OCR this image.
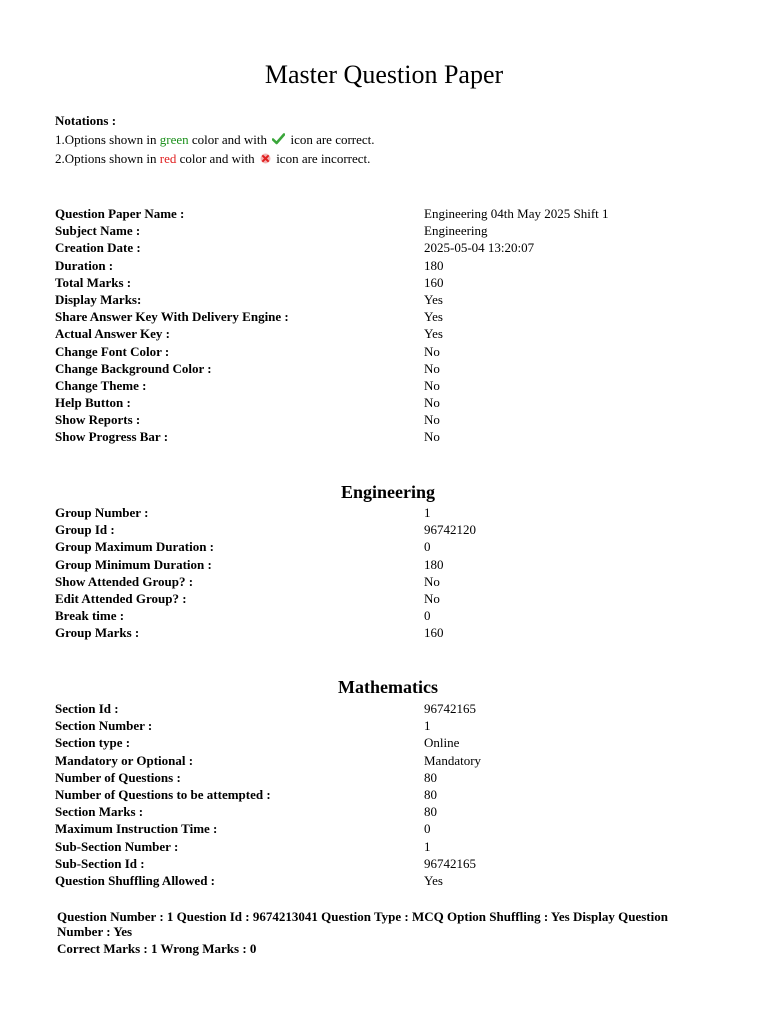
Master Question Paper
Notations :
1.Options shown in green color and with  icon are correct.
2.Options shown in red color and with  icon are incorrect.
Question Paper Name :	Engineering 04th May 2025 Shift 1
Subject Name :	Engineering
Creation Date :	2025-05-04 13:20:07
Duration :	180
Total Marks :	160
Display Marks:	Yes
Share Answer Key With Delivery Engine :	Yes
Actual Answer Key :	Yes
Change Font Color :	No
Change Background Color :	No
Change Theme :	No
Help Button :	No
Show Reports :	No
Show Progress Bar :	No
Engineering
Group Number :	1
Group Id :	96742120
Group Maximum Duration :	0
Group Minimum Duration :	180
Show Attended Group? :	No
Edit Attended Group? :	No
Break time :	0
Group Marks :	160
Mathematics
Section Id :	96742165
Section Number :	1
Section type :	Online
Mandatory or Optional :	Mandatory
Number of Questions :	80
Number of Questions to be attempted :	80
Section Marks :	80
Maximum Instruction Time :	0
Sub-Section Number :	1
Sub-Section Id :	96742165
Question Shuffling Allowed :	Yes
Question Number : 1 Question Id : 9674213041 Question Type : MCQ Option Shuffling : Yes Display Question Number : Yes
Correct Marks : 1 Wrong Marks : 0
